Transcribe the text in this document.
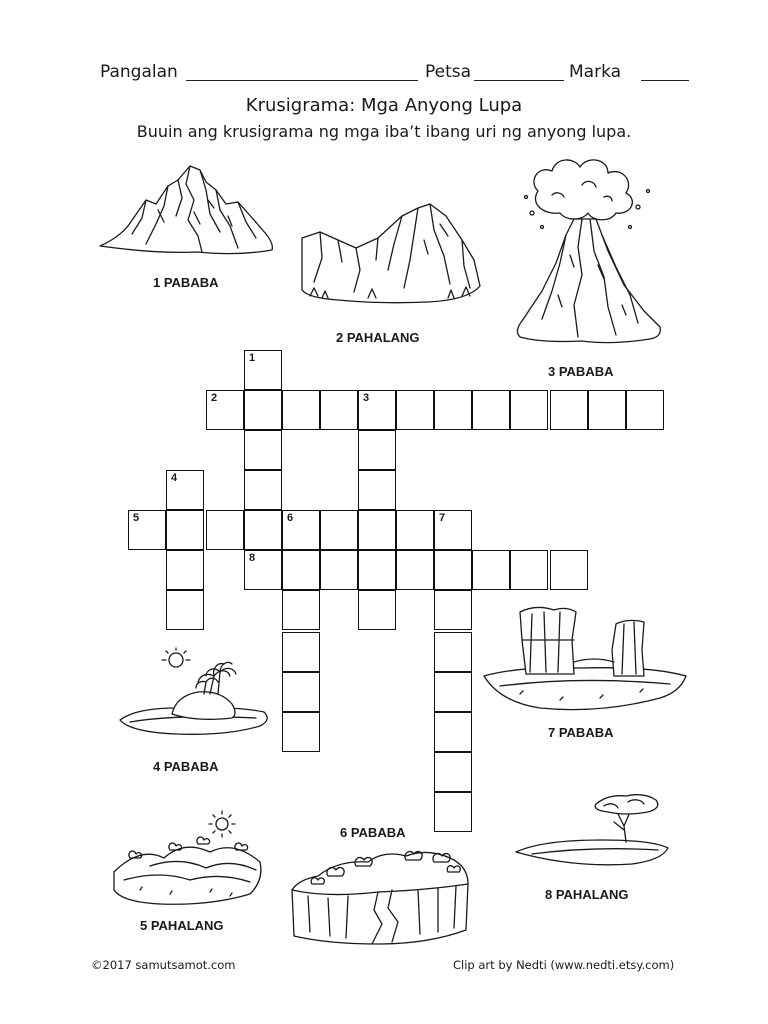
Pangalan	Petsa	Marka
Krusigrama: Mga Anyong Lupa
Buuin ang krusigrama ng mga iba’t ibang uri ng anyong lupa.
1 PABABA
2 PAHALANG
3 PABABA
4 PABABA
5 PAHALANG
6 PABABA
7 PABABA
8 PAHALANG
1
8
2	3
4
5	6	7
©2017 samutsamot.com	Clip art by Nedti (www.nedti.etsy.com)
